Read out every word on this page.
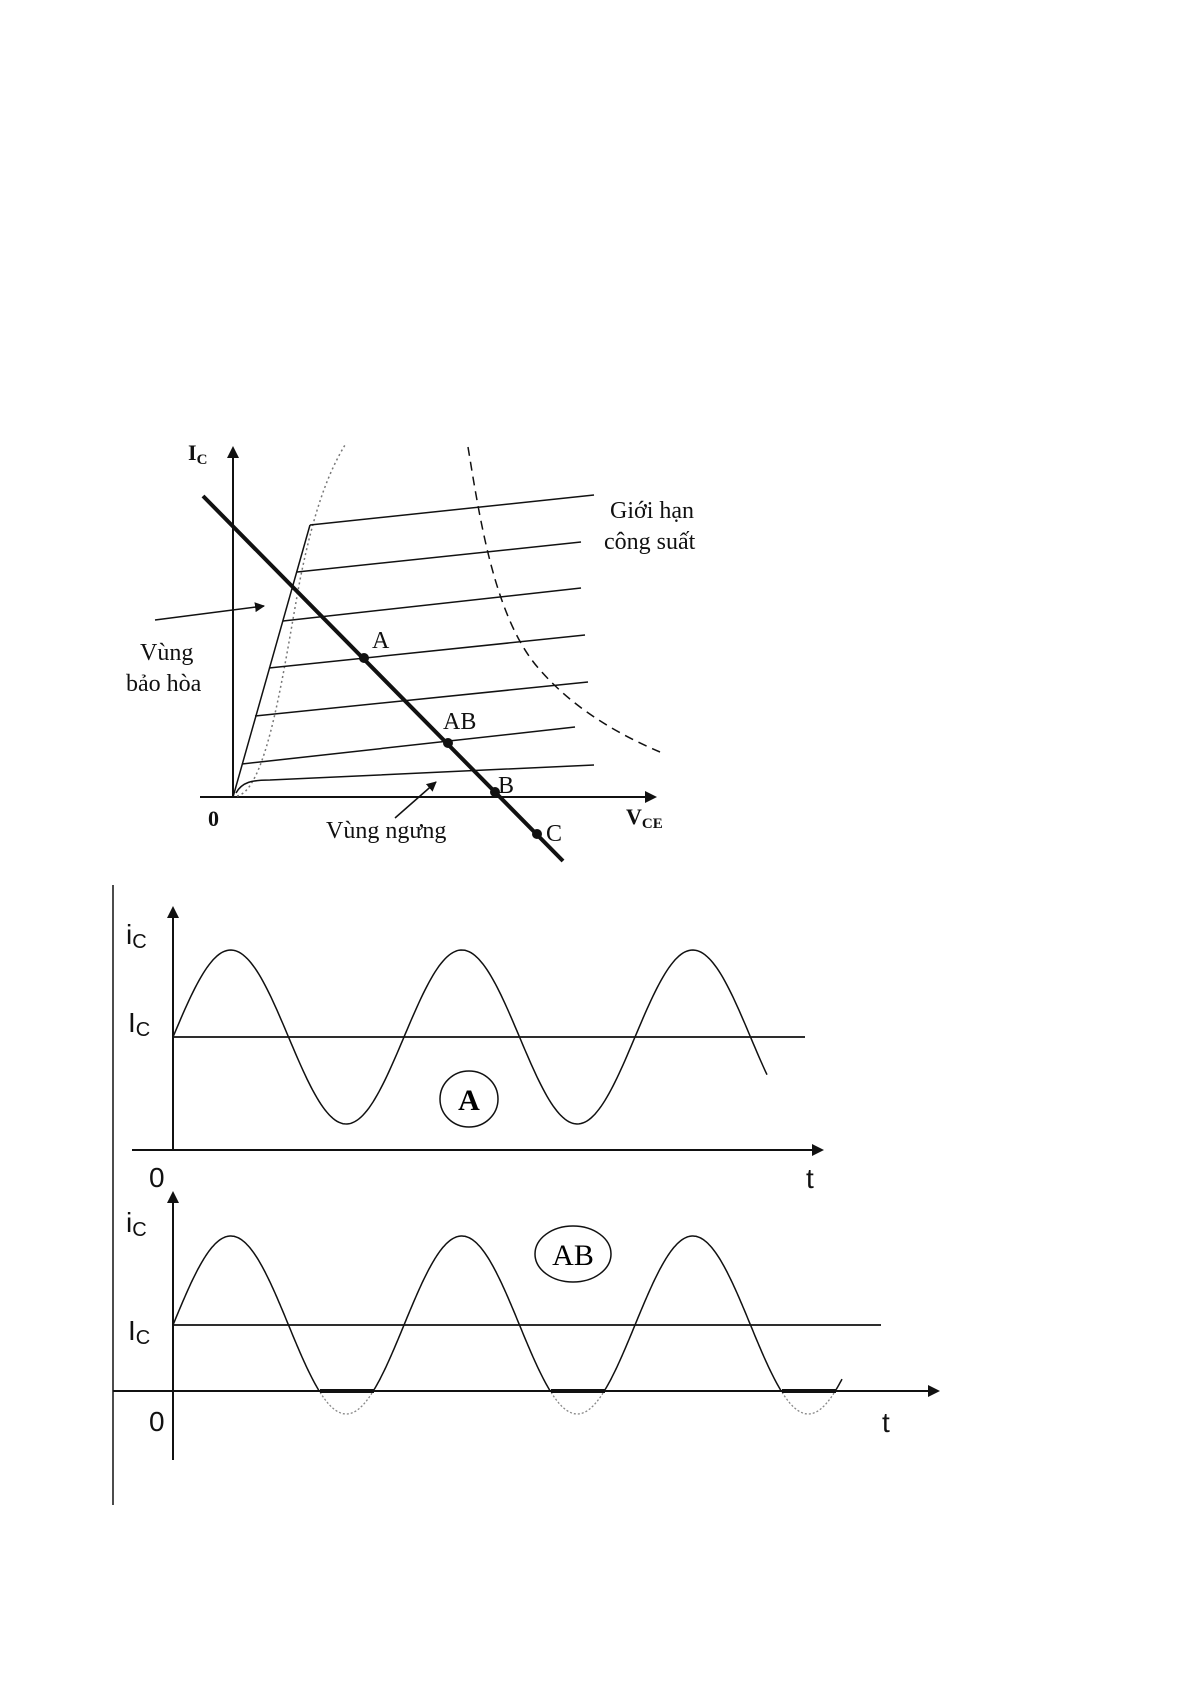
IC
VCE
0
A
AB
B
C
Giới hạn
công suất
Vùng
bảo hòa
Vùng ngưng
iC
IC
0	t
A
iC
IC
0	t
AB
